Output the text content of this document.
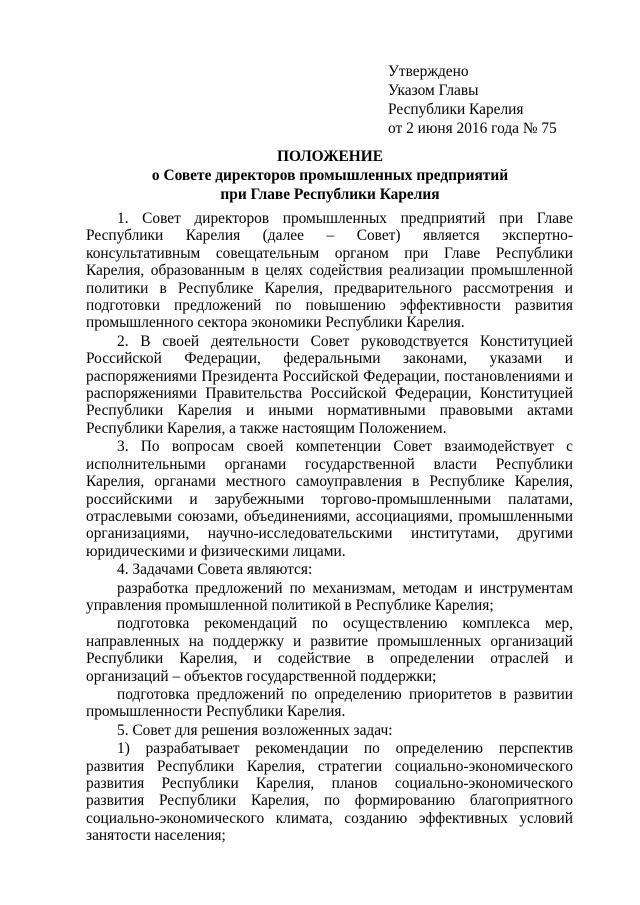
Утверждено
Указом Главы
Республики Карелия
от 2 июня 2016 года № 75
ПОЛОЖЕНИЕ
о Совете директоров промышленных предприятий
при Главе Республики Карелия

1. Совет директоров промышленных предприятий при Главе Республики Карелия (далее – Совет) является экспертно-консультативным совещательным органом при Главе Республики Карелия, образованным в целях содействия реализации промышленной политики в Республике Карелия, предварительного рассмотрения и подготовки предложений по повышению эффективности развития промышленного сектора экономики Республики Карелия.

2. В своей деятельности Совет руководствуется Конституцией Российской Федерации, федеральными законами, указами и распоряжениями Президента Российской Федерации, постановлениями и распоряжениями Правительства Российской Федерации, Конституцией Республики Карелия и иными нормативными правовыми актами Республики Карелия, а также настоящим Положением.

3. По вопросам своей компетенции Совет взаимодействует с исполнительными органами государственной власти Республики Карелия, органами местного самоуправления в Республике Карелия, российскими и зарубежными торгово-промышленными палатами, отраслевыми союзами, объединениями, ассоциациями, промышленными организациями, научно-исследовательскими институтами, другими юридическими и физическими лицами.

4. Задачами Совета являются:

разработка предложений по механизмам, методам и инструментам управления промышленной политикой в Республике Карелия;

подготовка рекомендаций по осуществлению комплекса мер, направленных на поддержку и развитие промышленных организаций Республики Карелия, и содействие в определении отраслей и организаций – объектов государственной поддержки;

подготовка предложений по определению приоритетов в развитии промышленности Республики Карелия.

5. Совет для решения возложенных задач:

1) разрабатывает рекомендации по определению перспектив развития Республики Карелия, стратегии социально-экономического развития Республики Карелия, планов социально-экономического развития Республики Карелия, по формированию благоприятного социально-экономического климата, созданию эффективных условий занятости населения;
